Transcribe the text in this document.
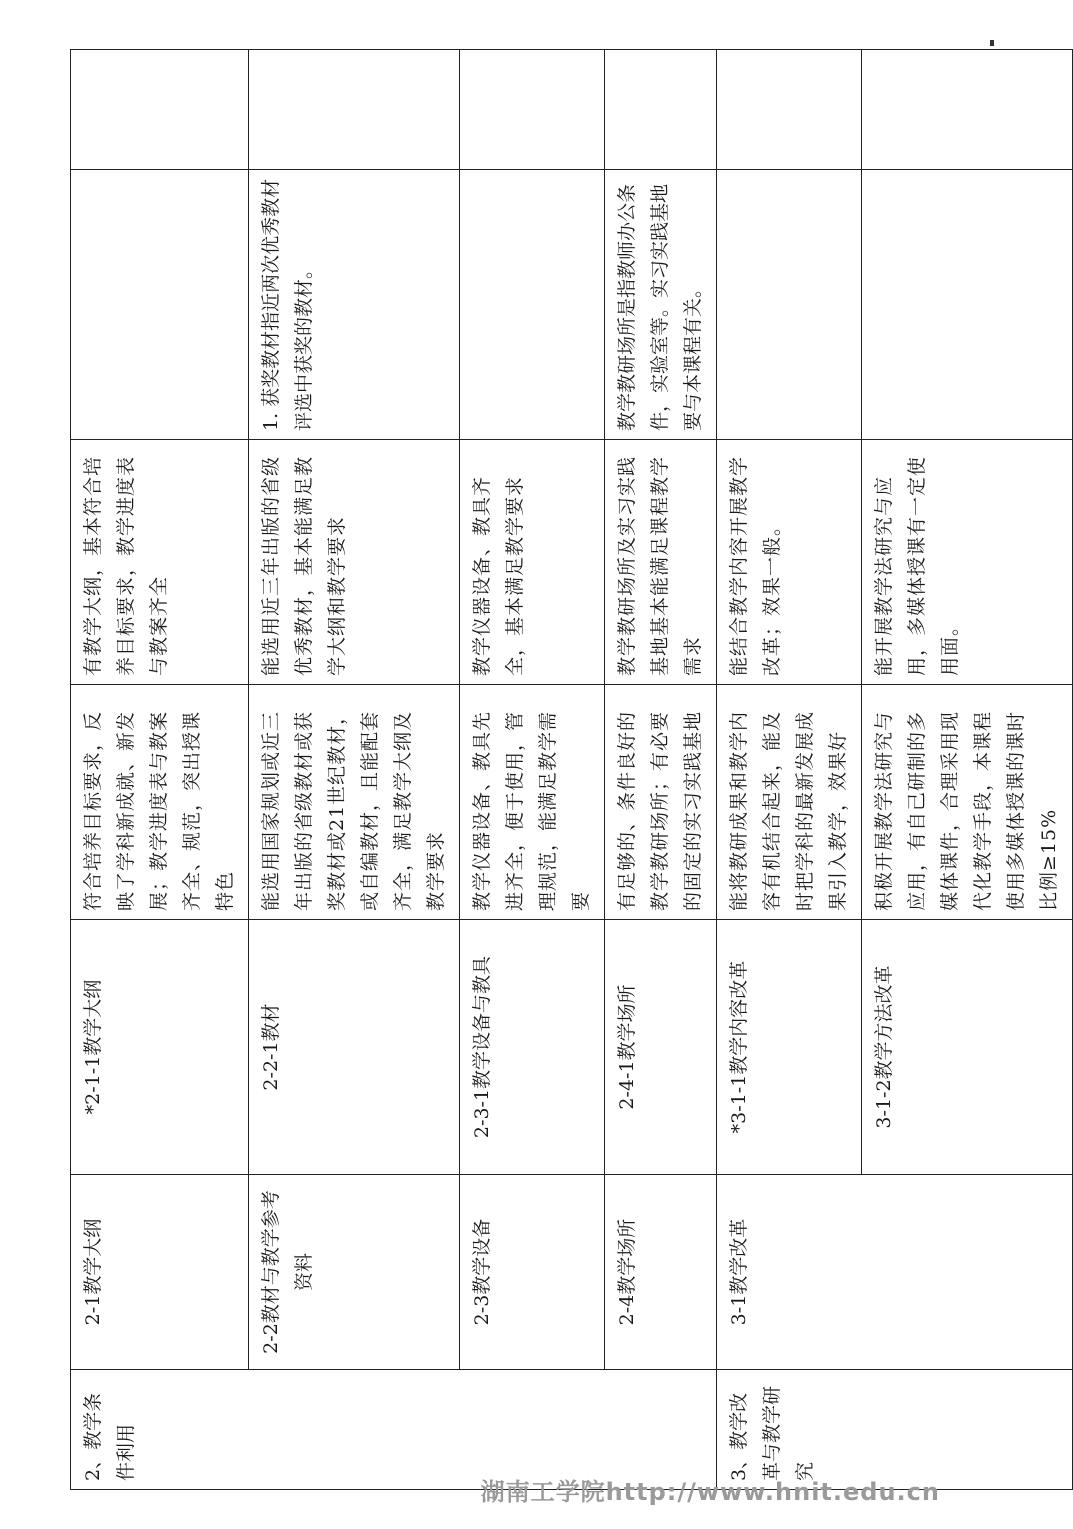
2、教学条件利用	2-1教学大纲	*2-1-1教学大纲	符合培养目标要求，反映了学科新成就、新发展；教学进度表与教案齐全、规范，突出授课特色	有教学大纲，基本符合培养目标要求，教学进度表与教案齐全		
	2-2教材与教学参考资料	2-2-1教材	能选用国家规划或近三年出版的省级教材或获奖教材或21世纪教材，或自编教材，且能配套齐全，满足教学大纲及教学要求	能选用近三年出版的省级优秀教材，基本能满足教学大纲和教学要求	1. 获奖教材指近两次优秀教材评选中获奖的教材。	
	2-3教学设备	2-3-1教学设备与教具	教学仪器设备、教具先进齐全，便于使用，管理规范，能满足教学需要	教学仪器设备、教具齐全，基本满足教学要求		
	2-4教学场所	2-4-1教学场所	有足够的、条件良好的教学教研场所；有必要的固定的实习实践基地	教学教研场所及实习实践基地基本能满足课程教学需求	教学教研场所是指教师办公条件，实验室等。实习实践基地要与本课程有关。	
3、教学改革与教学研究	3-1教学改革	*3-1-1教学内容改革	能将教研成果和教学内容有机结合起来，能及时把学科的最新发展成果引入教学，效果好	能结合教学内容开展教学改革；效果一般。		
		3-1-2教学方法改革	积极开展教学法研究与应用，有自己研制的多媒体课件，合理采用现代化教学手段，本课程使用多媒体授课的课时比例≥15%	能开展教学法研究与应用，多媒体授课有一定使用面。		
湖南工学院http://www.hnit.edu.cn
